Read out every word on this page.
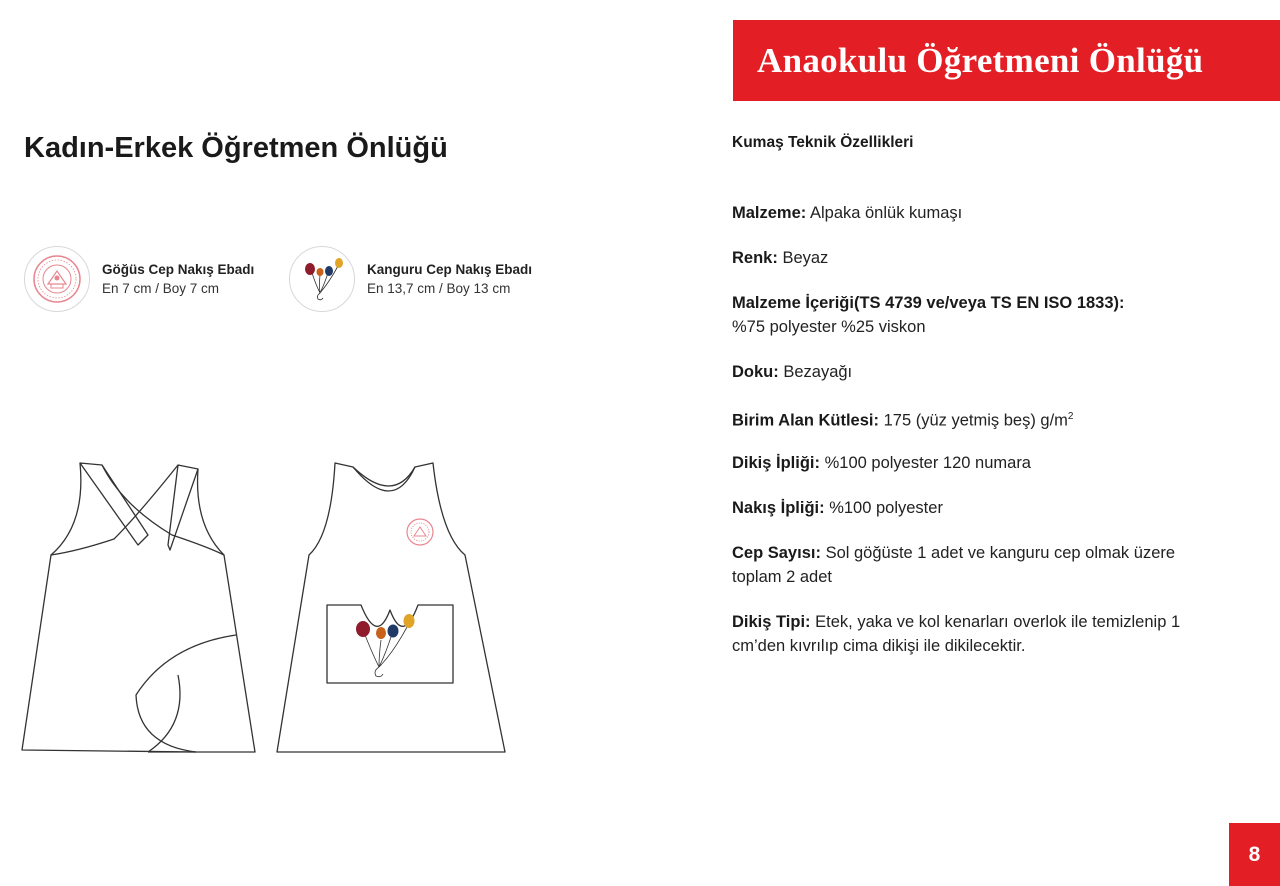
Anaokulu Öğretmeni Önlüğü
Kadın-Erkek Öğretmen Önlüğü
Göğüs Cep Nakış Ebadı
En 7 cm / Boy 7 cm
Kanguru Cep Nakış Ebadı
En 13,7 cm / Boy 13 cm
Kumaş Teknik Özellikleri
Malzeme: Alpaka önlük kumaşı
Renk: Beyaz
Malzeme İçeriği(TS 4739 ve/veya TS EN ISO 1833):
%75 polyester %25 viskon
Doku: Bezayağı
Birim Alan Kütlesi: 175 (yüz yetmiş beş) $g/m^2$
Dikiş İpliği: %100 polyester 120 numara
Nakış İpliği: %100 polyester
Cep Sayısı: Sol göğüste 1 adet ve kanguru cep olmak üzere toplam 2 adet
Dikiş Tipi: Etek, yaka ve kol kenarları overlok ile temizlenip 1 cm’den kıvrılıp cima dikişi ile dikilecektir.
8
